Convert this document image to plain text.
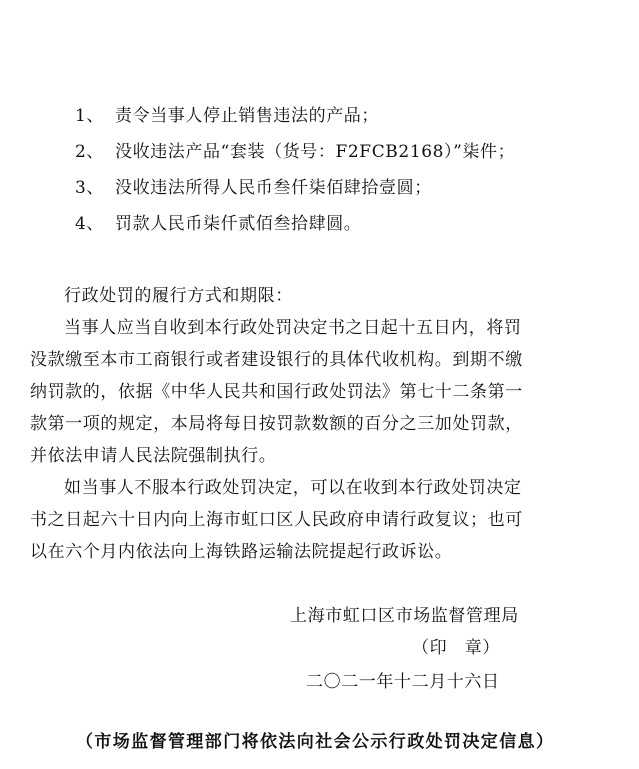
1、 责令当事人停止销售违法的产品；
2、 没收违法产品“套装（货号：F2FCB2168）”柒件；
3、 没收违法所得人民币叁仟柒佰肆拾壹圆；
4、 罚款人民币柒仟贰佰叁拾肆圆。
行政处罚的履行方式和期限：
当事人应当自收到本行政处罚决定书之日起十五日内，将罚
没款缴至本市工商银行或者建设银行的具体代收机构。到期不缴
纳罚款的，依据《中华人民共和国行政处罚法》第七十二条第一
款第一项的规定，本局将每日按罚款数额的百分之三加处罚款，
并依法申请人民法院强制执行。
如当事人不服本行政处罚决定，可以在收到本行政处罚决定
书之日起六十日内向上海市虹口区人民政府申请行政复议；也可
以在六个月内依法向上海铁路运输法院提起行政诉讼。
上海市虹口区市场监督管理局
（印　章）
二〇二一年十二月十六日
（市场监督管理部门将依法向社会公示行政处罚决定信息）
